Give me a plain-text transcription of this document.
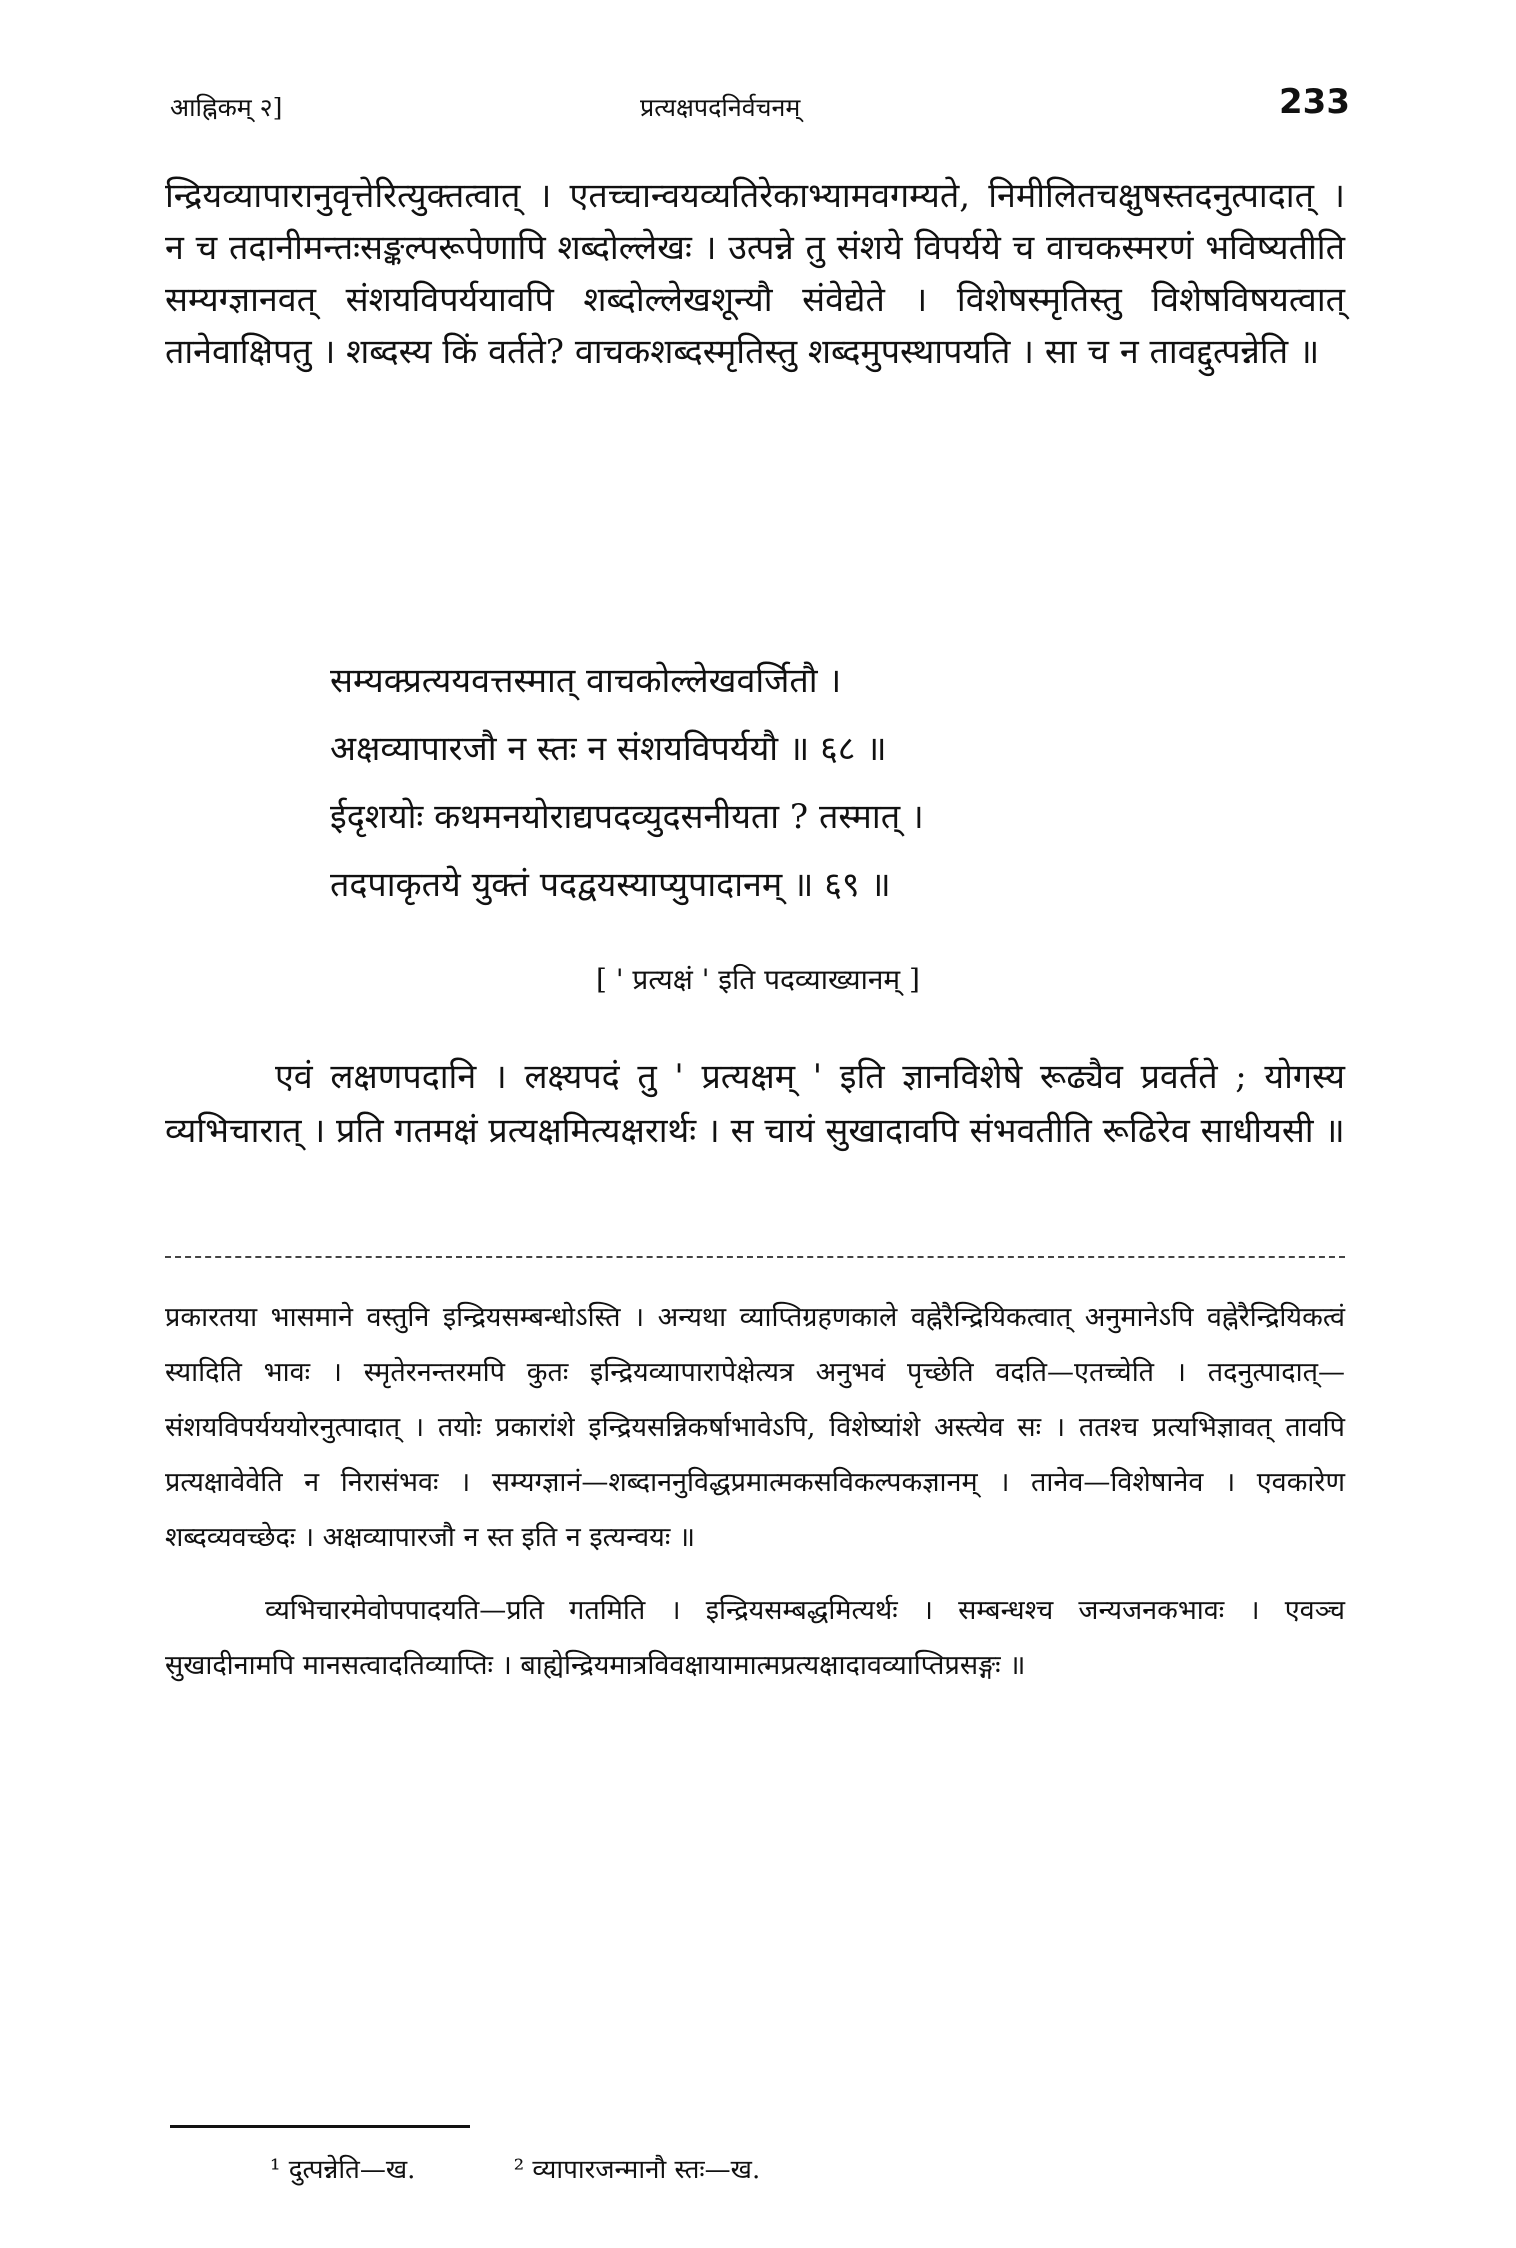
आह्निकम् २]	प्रत्यक्षपदनिर्वचनम्	233

न्द्रियव्यापारानुवृत्तेरित्युक्तत्वात् । एतच्चान्वयव्यतिरेकाभ्यामवगम्यते, निमीलितचक्षुषस्तदनुत्पादात् । न च तदानीमन्तःसङ्कल्परूपेणापि शब्दोल्लेखः । उत्पन्ने तु संशये विपर्यये च वाचकस्मरणं भविष्यतीति सम्यग्ज्ञानवत् संशयविपर्ययावपि शब्दोल्लेखशून्यौ संवेद्येते । विशेषस्मृतिस्तु विशेषविषयत्वात् तानेवाक्षिपतु । शब्दस्य किं वर्तते? वाचकशब्दस्मृतिस्तु शब्दमुपस्थापयति । सा च न तावद्दुत्पन्नेति ॥

सम्यक्प्रत्ययवत्तस्मात् वाचकोल्लेखवर्जितौ ।

अक्षव्यापारजौ न स्तः न संशयविपर्ययौ ॥ ६८ ॥

ईदृशयोः कथमनयोराद्यपदव्युदसनीयता ? तस्मात् ।

तदपाकृतये युक्तं पदद्वयस्याप्युपादानम् ॥ ६९ ॥

[ ' प्रत्यक्षं ' इति पदव्याख्यानम् ]

एवं लक्षणपदानि । लक्ष्यपदं तु ' प्रत्यक्षम् ' इति ज्ञानविशेषे रूढ्यैव प्रवर्तते ; योगस्य व्यभिचारात् । प्रति गतमक्षं प्रत्यक्षमित्यक्षरार्थः । स चायं सुखादावपि संभवतीति रूढिरेव साधीयसी ॥

प्रकारतया भासमाने वस्तुनि इन्द्रियसम्बन्धोऽस्ति । अन्यथा व्याप्तिग्रहणकाले वह्नेरैन्द्रियिकत्वात् अनुमानेऽपि वह्नेरैन्द्रियिकत्वं स्यादिति भावः । स्मृतेरनन्तरमपि कुतः इन्द्रियव्यापारापेक्षेत्यत्र अनुभवं पृच्छेति वदति—एतच्चेति । तदनुत्पादात्—संशयविपर्यययोरनुत्पादात् । तयोः प्रकारांशे इन्द्रियसन्निकर्षाभावेऽपि, विशेष्यांशे अस्त्येव सः । ततश्च प्रत्यभिज्ञावत् तावपि प्रत्यक्षावेवेति न निरासंभवः । सम्यग्ज्ञानं—शब्दाननुविद्धप्रमात्मकसविकल्पकज्ञानम् । तानेव—विशेषानेव । एवकारेण शब्दव्यवच्छेदः । अक्षव्यापारजौ न स्त इति न इत्यन्वयः ॥

व्यभिचारमेवोपपादयति—प्रति गतमिति । इन्द्रियसम्बद्धमित्यर्थः । सम्बन्धश्च जन्यजनकभावः । एवञ्च सुखादीनामपि मानसत्वादतिव्याप्तिः । बाह्येन्द्रियमात्रविवक्षायामात्मप्रत्यक्षादावव्याप्तिप्रसङ्गः ॥

¹ दुत्पन्नेति—ख.	² व्यापारजन्मानौ स्तः—ख.
